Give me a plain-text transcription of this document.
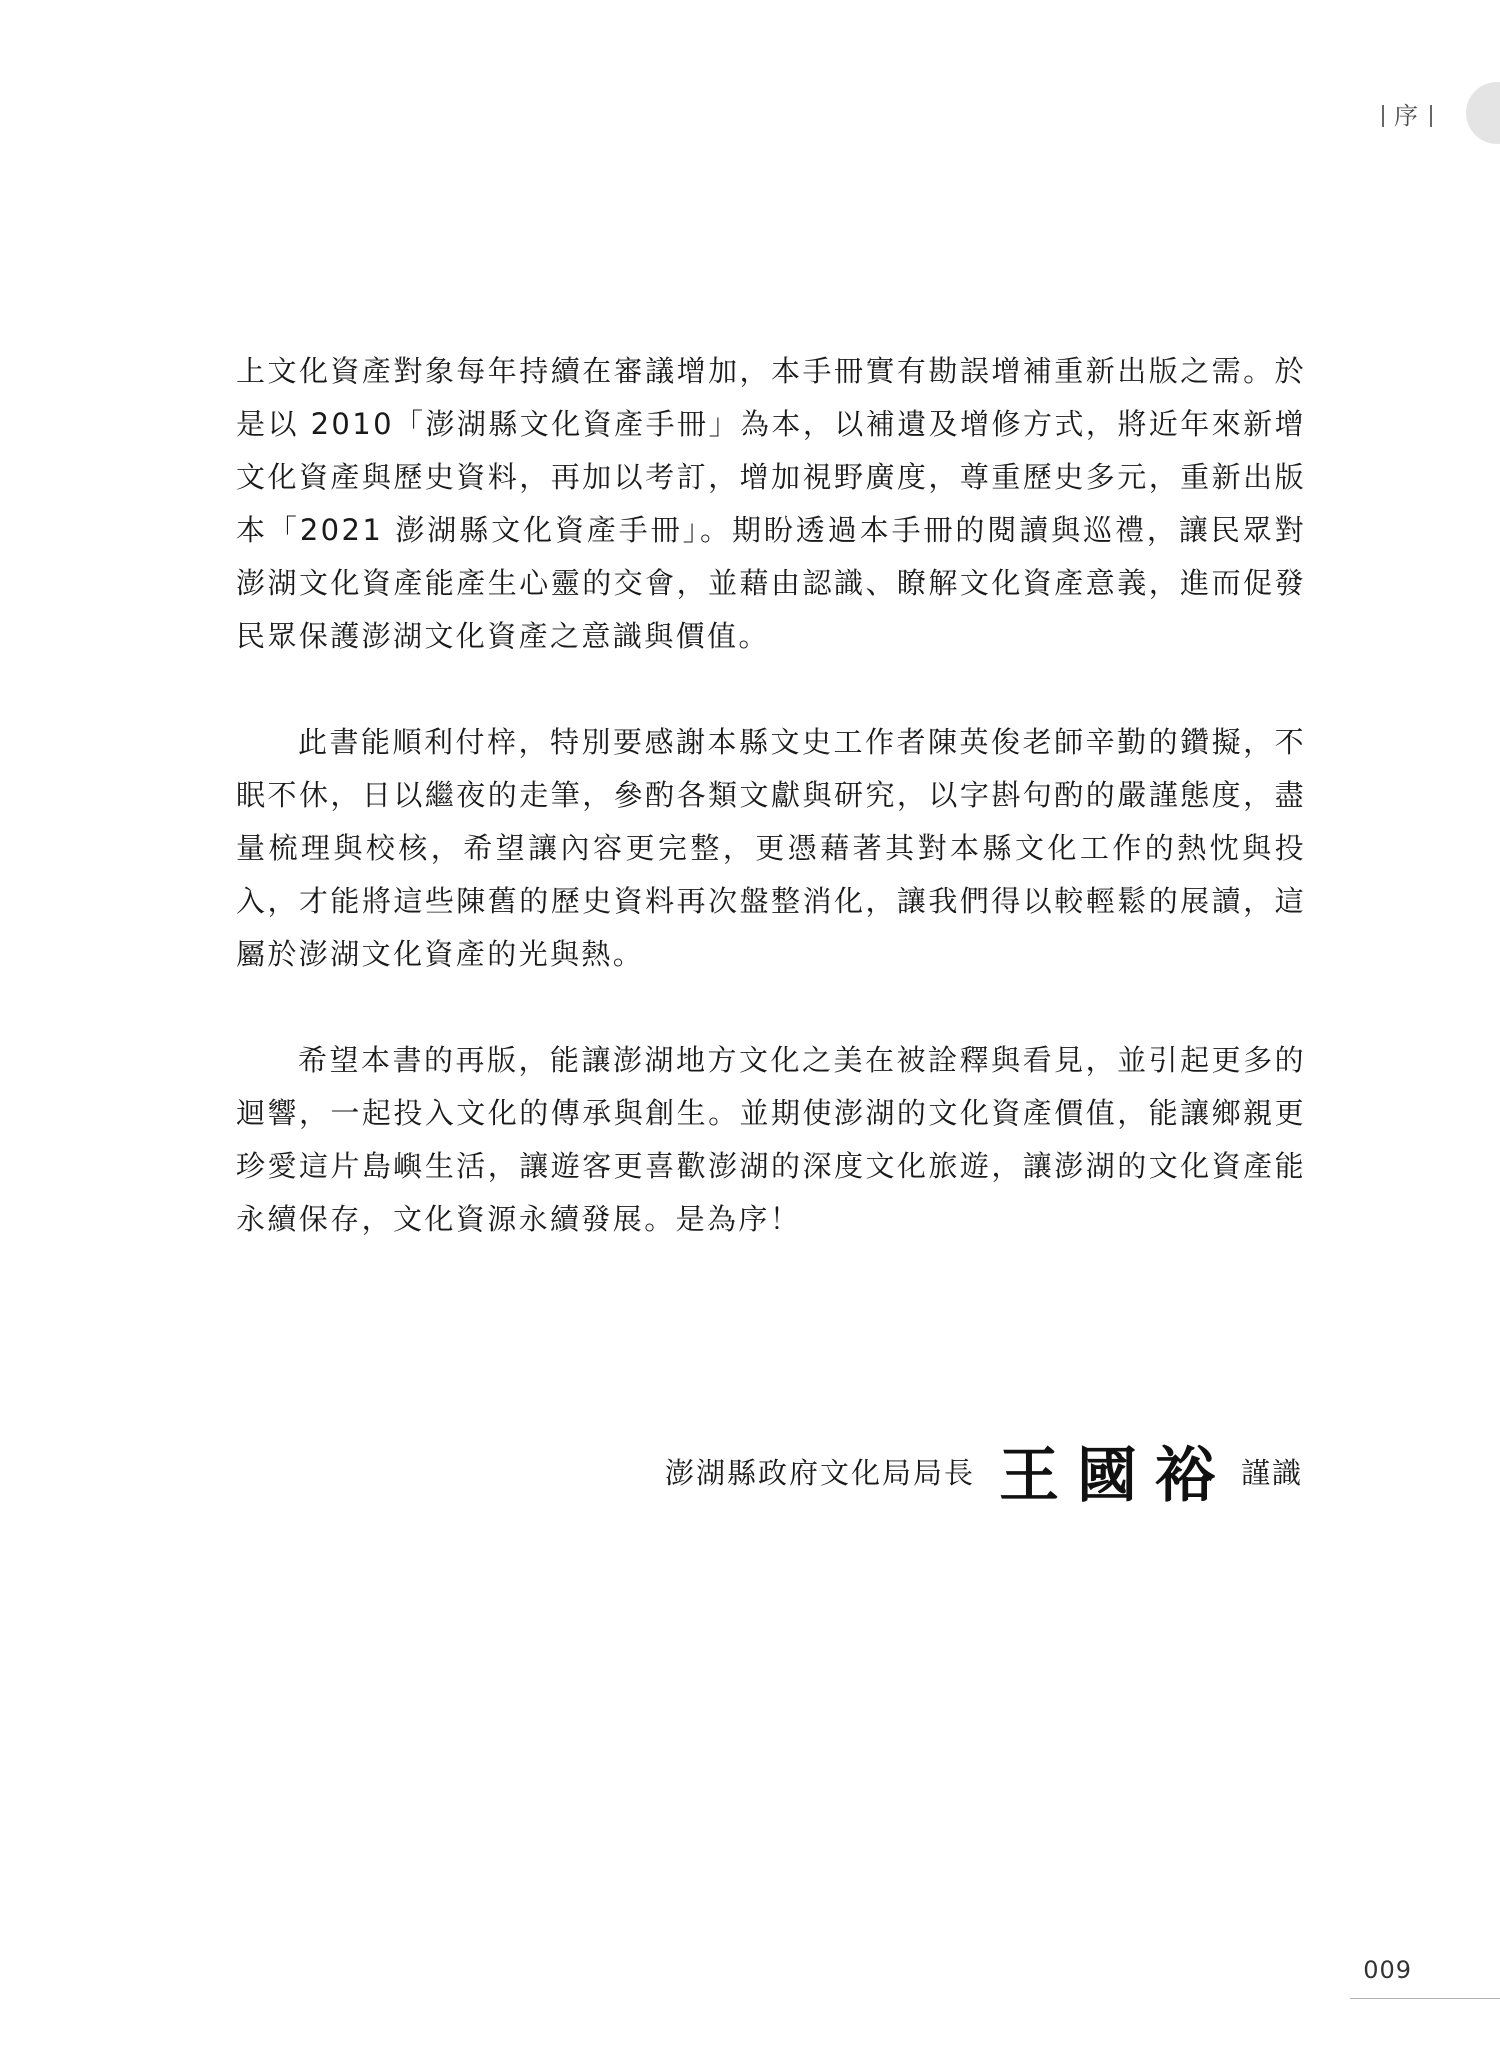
序

上文化資產對象每年持續在審議增加，本手冊實有勘誤增補重新出版之需。於是以 2010「澎湖縣文化資產手冊」為本，以補遺及增修方式，將近年來新增文化資產與歷史資料，再加以考訂，增加視野廣度，尊重歷史多元，重新出版本「2021 澎湖縣文化資產手冊」。期盼透過本手冊的閱讀與巡禮，讓民眾對澎湖文化資產能產生心靈的交會，並藉由認識、瞭解文化資產意義，進而促發民眾保護澎湖文化資產之意識與價值。

此書能順利付梓，特別要感謝本縣文史工作者陳英俊老師辛勤的鑽擬，不眠不休，日以繼夜的走筆，參酌各類文獻與研究，以字斟句酌的嚴謹態度，盡量梳理與校核，希望讓內容更完整，更憑藉著其對本縣文化工作的熱忱與投入，才能將這些陳舊的歷史資料再次盤整消化，讓我們得以較輕鬆的展讀，這屬於澎湖文化資產的光與熱。

希望本書的再版，能讓澎湖地方文化之美在被詮釋與看見，並引起更多的迴響，一起投入文化的傳承與創生。並期使澎湖的文化資產價值，能讓鄉親更珍愛這片島嶼生活，讓遊客更喜歡澎湖的深度文化旅遊，讓澎湖的文化資產能永續保存，文化資源永續發展。是為序！

澎湖縣政府文化局局長 王國裕 謹識
009
